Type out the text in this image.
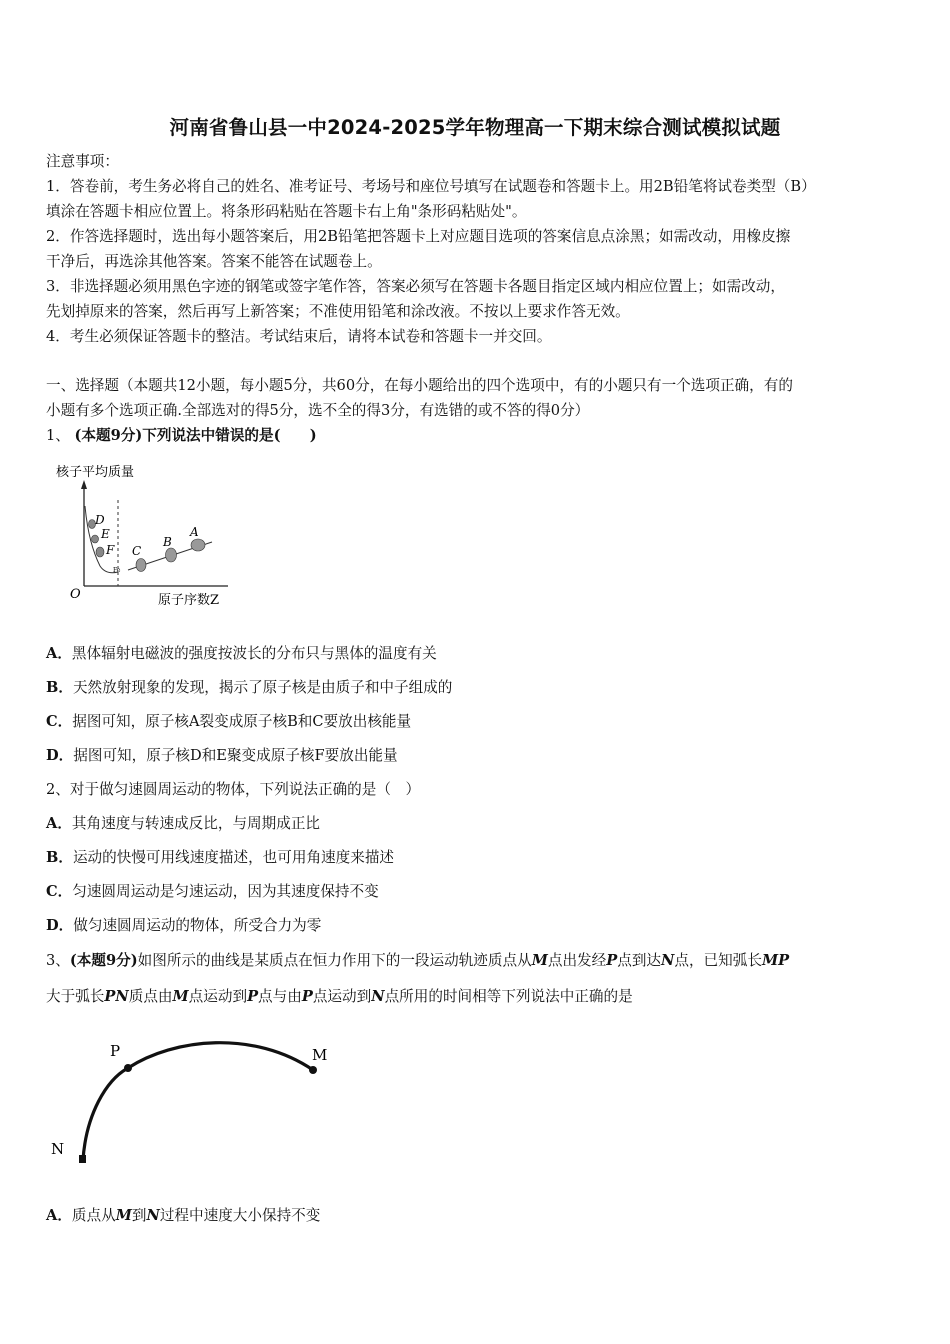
河南省鲁山县一中2024-2025学年物理高一下期末综合测试模拟试题
注意事项：
1．答卷前，考生务必将自己的姓名、准考证号、考场号和座位号填写在试题卷和答题卡上。用2B铅笔将试卷类型（B）
填涂在答题卡相应位置上。将条形码粘贴在答题卡右上角"条形码粘贴处"。
2．作答选择题时，选出每小题答案后，用2B铅笔把答题卡上对应题目选项的答案信息点涂黑；如需改动，用橡皮擦
干净后，再选涂其他答案。答案不能答在试题卷上。
3．非选择题必须用黑色字迹的钢笔或签字笔作答，答案必须写在答题卡各题目指定区域内相应位置上；如需改动，
先划掉原来的答案，然后再写上新答案；不准使用铅笔和涂改液。不按以上要求作答无效。
4．考生必须保证答题卡的整洁。考试结束后，请将本试卷和答题卡一并交回。
一、选择题（本题共12小题，每小题5分，共60分，在每小题给出的四个选项中，有的小题只有一个选项正确，有的
小题有多个选项正确.全部选对的得5分，选不全的得3分，有选错的或不答的得0分）
1、 (本题9分)下列说法中错误的是(　　)
核子平均质量
D
E
F C
B
A
Fe
O	原子序数Z
A．黑体辐射电磁波的强度按波长的分布只与黑体的温度有关
B．天然放射现象的发现，揭示了原子核是由质子和中子组成的
C．据图可知，原子核A裂变成原子核B和C要放出核能量
D．据图可知，原子核D和E聚变成原子核F要放出能量
2、对于做匀速圆周运动的物体，下列说法正确的是（　）
A．其角速度与转速成反比，与周期成正比
B．运动的快慢可用线速度描述，也可用角速度来描述
C．匀速圆周运动是匀速运动，因为其速度保持不变
D．做匀速圆周运动的物体，所受合力为零
3、(本题9分)如图所示的曲线是某质点在恒力作用下的一段运动轨迹质点从M点出发经P点到达N点，已知弧长MP
大于弧长PN质点由M点运动到P点与由P点运动到N点所用的时间相等下列说法中正确的是
P	M
N
A．质点从M到N过程中速度大小保持不变
